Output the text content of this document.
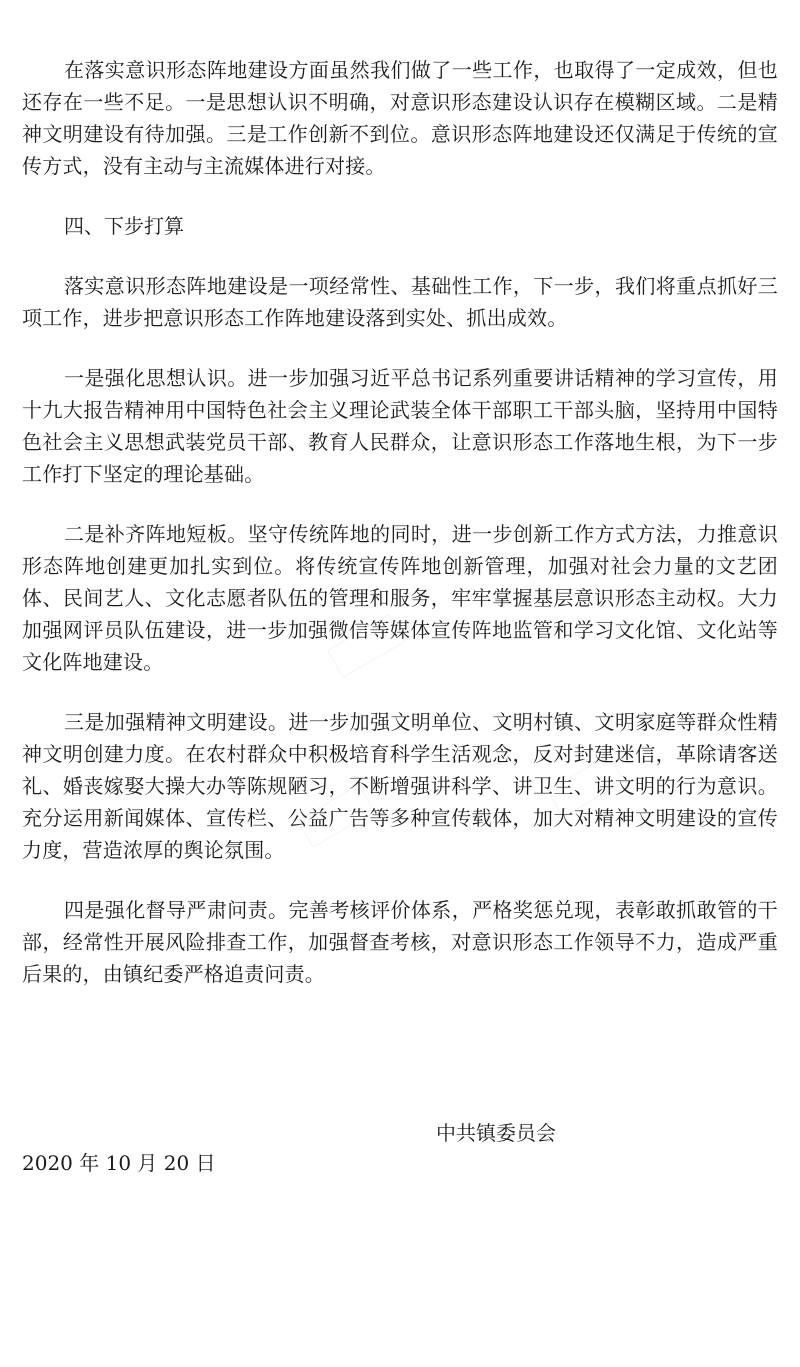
在落实意识形态阵地建设方面虽然我们做了一些工作，也取得了一定成效，但也还存在一些不足。一是思想认识不明确，对意识形态建设认识存在模糊区域。二是精神文明建设有待加强。三是工作创新不到位。意识形态阵地建设还仅满足于传统的宣传方式，没有主动与主流媒体进行对接。

四、下步打算

落实意识形态阵地建设是一项经常性、基础性工作，下一步，我们将重点抓好三项工作，进步把意识形态工作阵地建设落到实处、抓出成效。

一是强化思想认识。进一步加强习近平总书记系列重要讲话精神的学习宣传，用十九大报告精神用中国特色社会主义理论武装全体干部职工干部头脑，坚持用中国特色社会主义思想武装党员干部、教育人民群众，让意识形态工作落地生根，为下一步工作打下坚定的理论基础。

二是补齐阵地短板。坚守传统阵地的同时，进一步创新工作方式方法，力推意识形态阵地创建更加扎实到位。将传统宣传阵地创新管理，加强对社会力量的文艺团体、民间艺人、文化志愿者队伍的管理和服务，牢牢掌握基层意识形态主动权。大力加强网评员队伍建设，进一步加强微信等媒体宣传阵地监管和学习文化馆、文化站等文化阵地建设。

三是加强精神文明建设。进一步加强文明单位、文明村镇、文明家庭等群众性精神文明创建力度。在农村群众中积极培育科学生活观念，反对封建迷信，革除请客送礼、婚丧嫁娶大操大办等陈规陋习，不断增强讲科学、讲卫生、讲文明的行为意识。充分运用新闻媒体、宣传栏、公益广告等多种宣传载体，加大对精神文明建设的宣传力度，营造浓厚的舆论氛围。

四是强化督导严肃问责。完善考核评价体系，严格奖惩兑现，表彰敢抓敢管的干部，经常性开展风险排查工作，加强督查考核，对意识形态工作领导不力，造成严重后果的，由镇纪委严格追责问责。

中共镇委员会
2020 年 10 月 20 日
